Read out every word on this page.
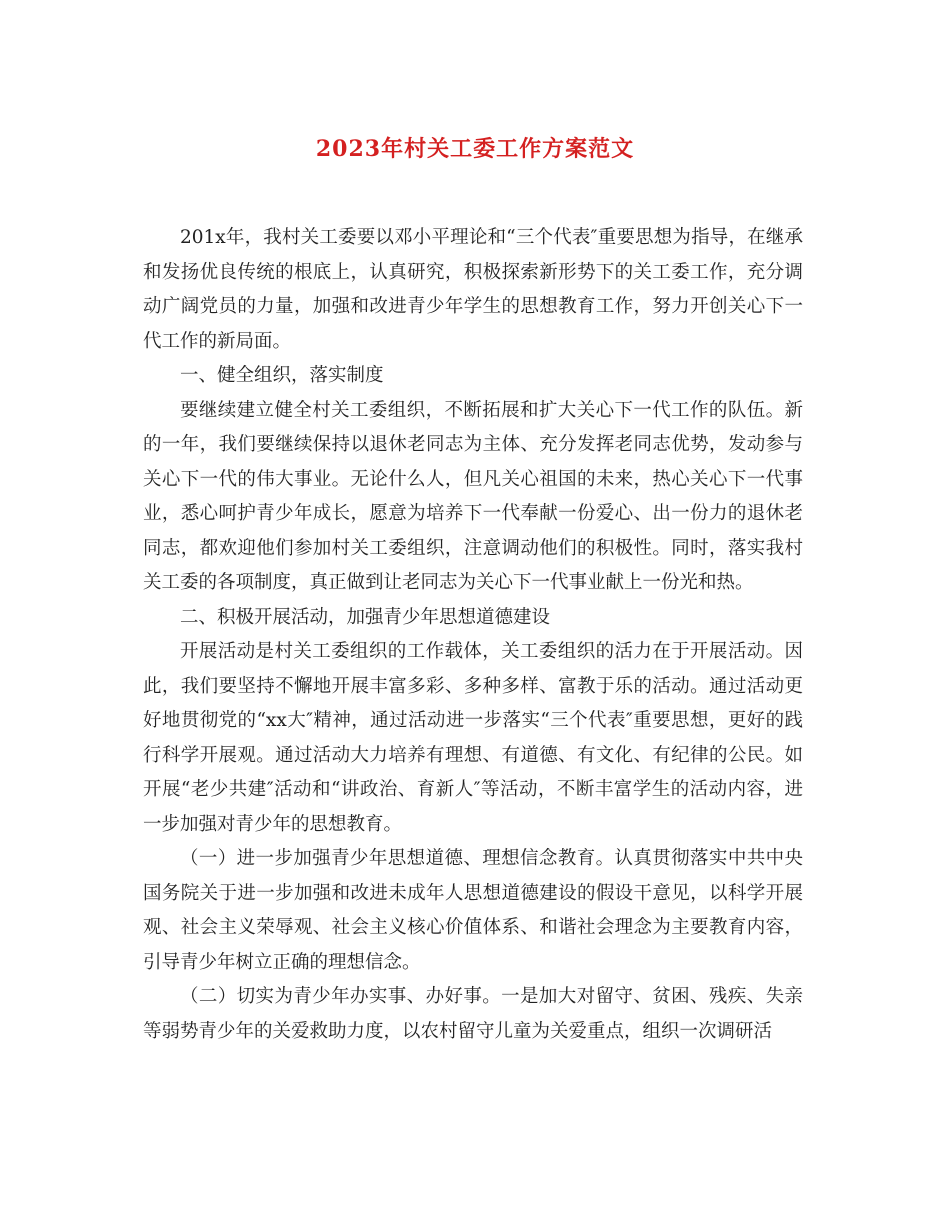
2023年村关工委工作方案范文

201x年，我村关工委要以邓小平理论和“三个代表″重要思想为指导，在继承和发扬优良传统的根底上，认真研究，积极探索新形势下的关工委工作，充分调动广阔党员的力量，加强和改进青少年学生的思想教育工作，努力开创关心下一代工作的新局面。

一、健全组织，落实制度

要继续建立健全村关工委组织，不断拓展和扩大关心下一代工作的队伍。新的一年，我们要继续保持以退休老同志为主体、充分发挥老同志优势，发动参与关心下一代的伟大事业。无论什么人，但凡关心祖国的未来，热心关心下一代事业，悉心呵护青少年成长，愿意为培养下一代奉献一份爱心、出一份力的退休老同志，都欢迎他们参加村关工委组织，注意调动他们的积极性。同时，落实我村关工委的各项制度，真正做到让老同志为关心下一代事业献上一份光和热。

二、积极开展活动，加强青少年思想道德建设

开展活动是村关工委组织的工作载体，关工委组织的活力在于开展活动。因此，我们要坚持不懈地开展丰富多彩、多种多样、富教于乐的活动。通过活动更好地贯彻党的“xx大″精神，通过活动进一步落实“三个代表″重要思想，更好的践行科学开展观。通过活动大力培养有理想、有道德、有文化、有纪律的公民。如开展“老少共建″活动和“讲政治、育新人″等活动，不断丰富学生的活动内容，进一步加强对青少年的思想教育。

（一）进一步加强青少年思想道德、理想信念教育。认真贯彻落实中共中央国务院关于进一步加强和改进未成年人思想道德建设的假设干意见，以科学开展观、社会主义荣辱观、社会主义核心价值体系、和谐社会理念为主要教育内容，引导青少年树立正确的理想信念。

（二）切实为青少年办实事、办好事。一是加大对留守、贫困、残疾、失亲等弱势青少年的关爱救助力度，以农村留守儿童为关爱重点，组织一次调研活
